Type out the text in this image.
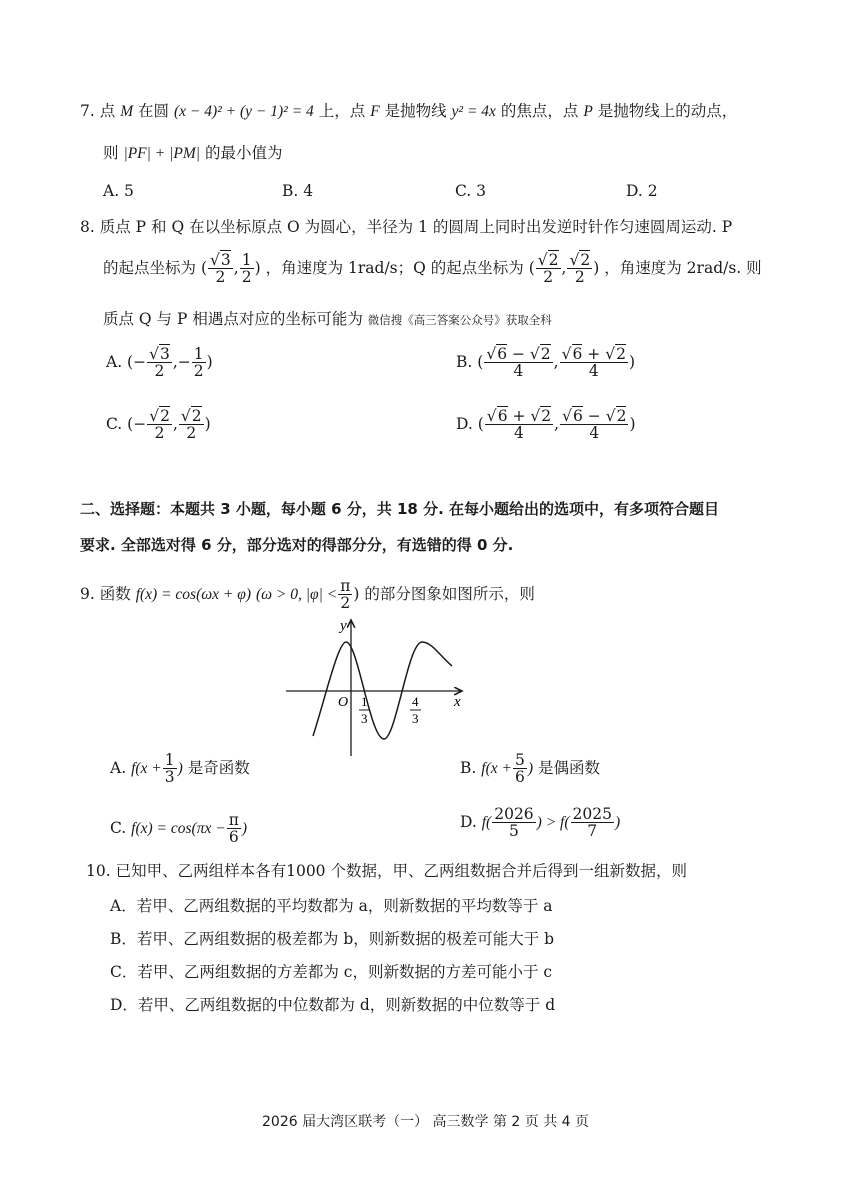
7. 点 M 在圆 (x − 4)² + (y − 1)² = 4 上，点 F 是抛物线 y² = 4x 的焦点，点 P 是抛物线上的动点，
则 |PF| + |PM| 的最小值为
A. 5	B. 4	C. 3	D. 2
8. 质点 P 和 Q 在以坐标原点 O 为圆心，半径为 1 的圆周上同时出发逆时针作匀速圆周运动. P
的起点坐标为 ( $\frac{√3}{2}$ , $\frac{1}{2}$ ) ，角速度为 1rad/s；Q 的起点坐标为 ( $\frac{√2}{2}$ , $\frac{√2}{2}$ ) ，角速度为 2rad/s. 则
质点 Q 与 P 相遇点对应的坐标可能为 微信搜《高三答案公众号》获取全科
A. (− $\frac{√3}{2}$ ,− $\frac{1}{2}$ )	B. ( $\frac{√6 - √2}{4}$ , $\frac{√6 + √2}{4}$ )
C. (− $\frac{√2}{2}$ , $\frac{√2}{2}$ )	D. ( $\frac{√6 + √2}{4}$ , $\frac{√6 - √2}{4}$ )
二、选择题：本题共 3 小题，每小题 6 分，共 18 分. 在每小题给出的选项中，有多项符合题目
要求. 全部选对得 6 分，部分选对的得部分分，有选错的得 0 分.
9. 函数 f(x) = cos(ωx + φ) (ω > 0, $|\varphi| < \frac{\pi}{2}$ ) 的部分图象如图所示，则
y
x
O 1
3
4
3
A. $f(x + \frac{1}{3}$ ) 是奇函数	B. $f(x + \frac{5}{6}$ ) 是偶函数
C. $f(x) = \cos(\pi x - \frac{\pi}{6}$ )	D. $f( \frac{2026}{5}$ ) > $f( \frac{2025}{7}$ )
10. 已知甲、乙两组样本各有1000 个数据，甲、乙两组数据合并后得到一组新数据，则
A．若甲、乙两组数据的平均数都为 a，则新数据的平均数等于 a
B．若甲、乙两组数据的极差都为 b，则新数据的极差可能大于 b
C．若甲、乙两组数据的方差都为 c，则新数据的方差可能小于 c
D．若甲、乙两组数据的中位数都为 d，则新数据的中位数等于 d
2026 届大湾区联考（一） 高三数学 第 2 页 共 4 页
